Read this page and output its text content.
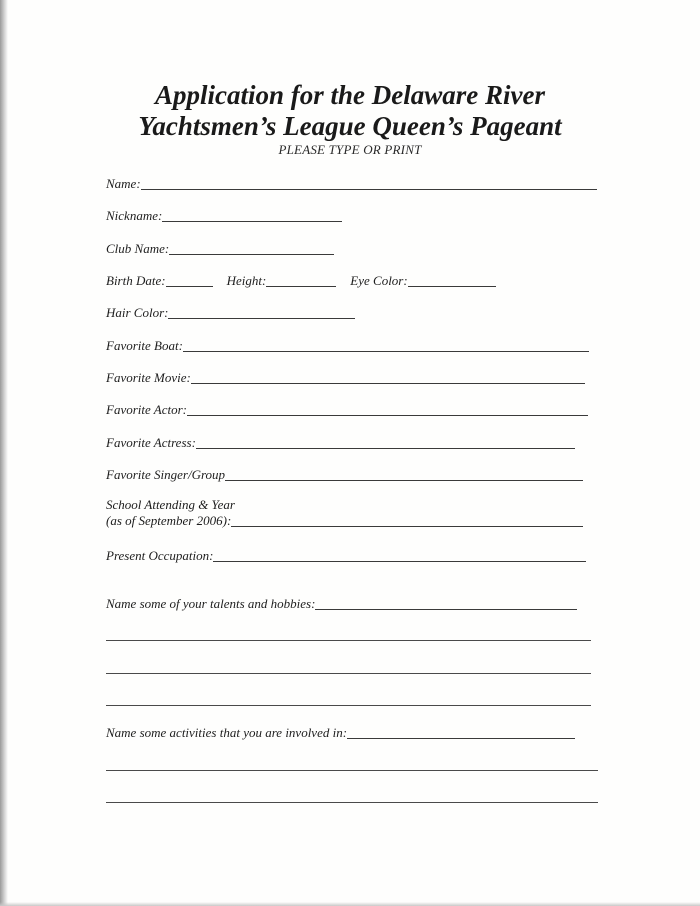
Application for the Delaware River
Yachtsmen’s League Queen’s Pageant
PLEASE TYPE OR PRINT
Name:
Nickname:
Club Name:
Birth Date:	Height:	Eye Color:
Hair Color:
Favorite Boat:
Favorite Movie:
Favorite Actor:
Favorite Actress:
Favorite Singer/Group
School Attending & Year
(as of September 2006):
Present Occupation:
Name some of your talents and hobbies:
Name some activities that you are involved in:
